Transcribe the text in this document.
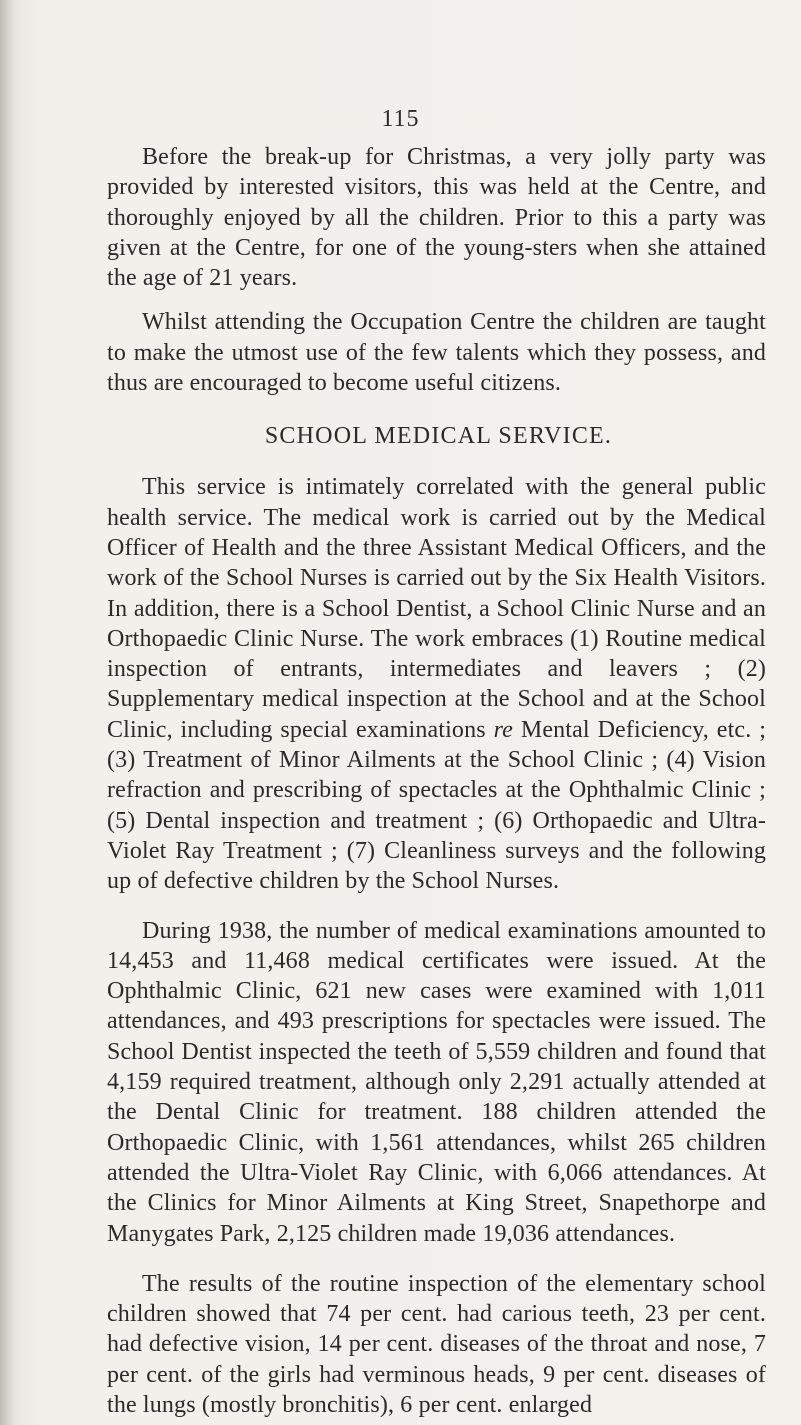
115

Before the break-up for Christmas, a very jolly party was provided by interested visitors, this was held at the Centre, and thoroughly enjoyed by all the children. Prior to this a party was given at the Centre, for one of the young-sters when she attained the age of 21 years.

Whilst attending the Occupation Centre the children are taught to make the utmost use of the few talents which they possess, and thus are encouraged to become useful citizens.

SCHOOL MEDICAL SERVICE.

This service is intimately correlated with the general public health service. The medical work is carried out by the Medical Officer of Health and the three Assistant Medical Officers, and the work of the School Nurses is carried out by the Six Health Visitors. In addition, there is a School Dentist, a School Clinic Nurse and an Orthopaedic Clinic Nurse. The work embraces (1) Routine medical inspection of entrants, intermediates and leavers ; (2) Supplementary medical inspection at the School and at the School Clinic, including special examinations re Mental Deficiency, etc. ; (3) Treatment of Minor Ailments at the School Clinic ; (4) Vision refraction and prescribing of spectacles at the Ophthalmic Clinic ; (5) Dental inspection and treatment ; (6) Orthopaedic and Ultra-Violet Ray Treatment ; (7) Cleanliness surveys and the following up of defective children by the School Nurses.

During 1938, the number of medical examinations amounted to 14,453 and 11,468 medical certificates were issued. At the Ophthalmic Clinic, 621 new cases were examined with 1,011 attendances, and 493 prescriptions for spectacles were issued. The School Dentist inspected the teeth of 5,559 children and found that 4,159 required treatment, although only 2,291 actually attended at the Dental Clinic for treatment. 188 children attended the Orthopaedic Clinic, with 1,561 attendances, whilst 265 children attended the Ultra-Violet Ray Clinic, with 6,066 attendances. At the Clinics for Minor Ailments at King Street, Snapethorpe and Manygates Park, 2,125 children made 19,036 attendances.

The results of the routine inspection of the elementary school children showed that 74 per cent. had carious teeth, 23 per cent. had defective vision, 14 per cent. diseases of the throat and nose, 7 per cent. of the girls had verminous heads, 9 per cent. diseases of the lungs (mostly bronchitis), 6 per cent. enlarged
